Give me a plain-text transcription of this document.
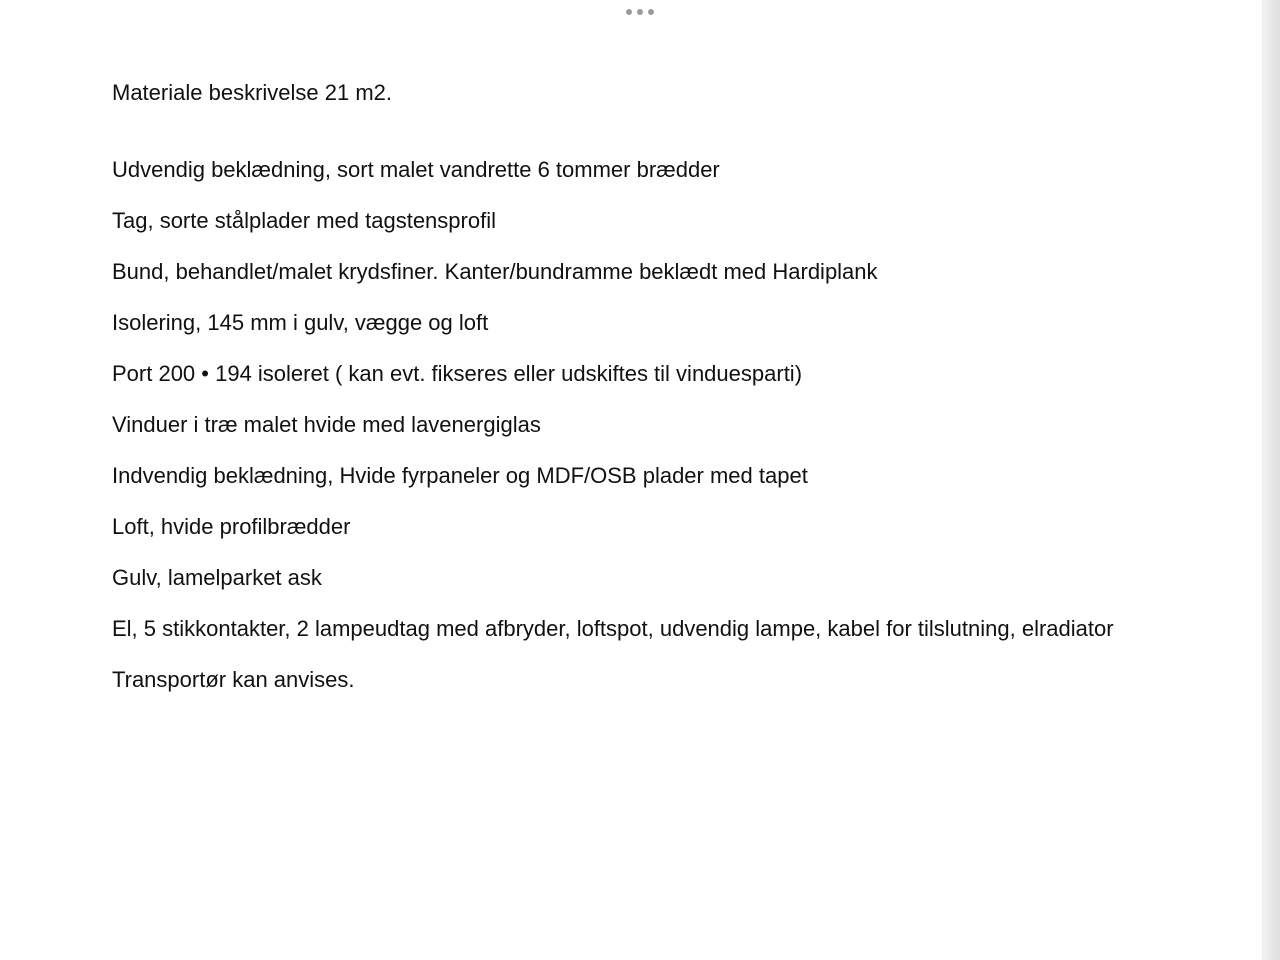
Materiale beskrivelse 21 m2.

Udvendig beklædning, sort malet vandrette 6 tommer brædder

Tag, sorte stålplader med tagstensprofil

Bund, behandlet/malet krydsfiner. Kanter/bundramme beklædt med Hardiplank

Isolering, 145 mm i gulv, vægge og loft

Port 200 • 194 isoleret ( kan evt. fikseres eller udskiftes til vinduesparti)

Vinduer i træ malet hvide med lavenergiglas

Indvendig beklædning, Hvide fyrpaneler og MDF/OSB plader med tapet

Loft, hvide profilbrædder

Gulv, lamelparket ask

El, 5 stikkontakter, 2 lampeudtag med afbryder, loftspot, udvendig lampe, kabel for tilslutning, elradiator

Transportør kan anvises.
